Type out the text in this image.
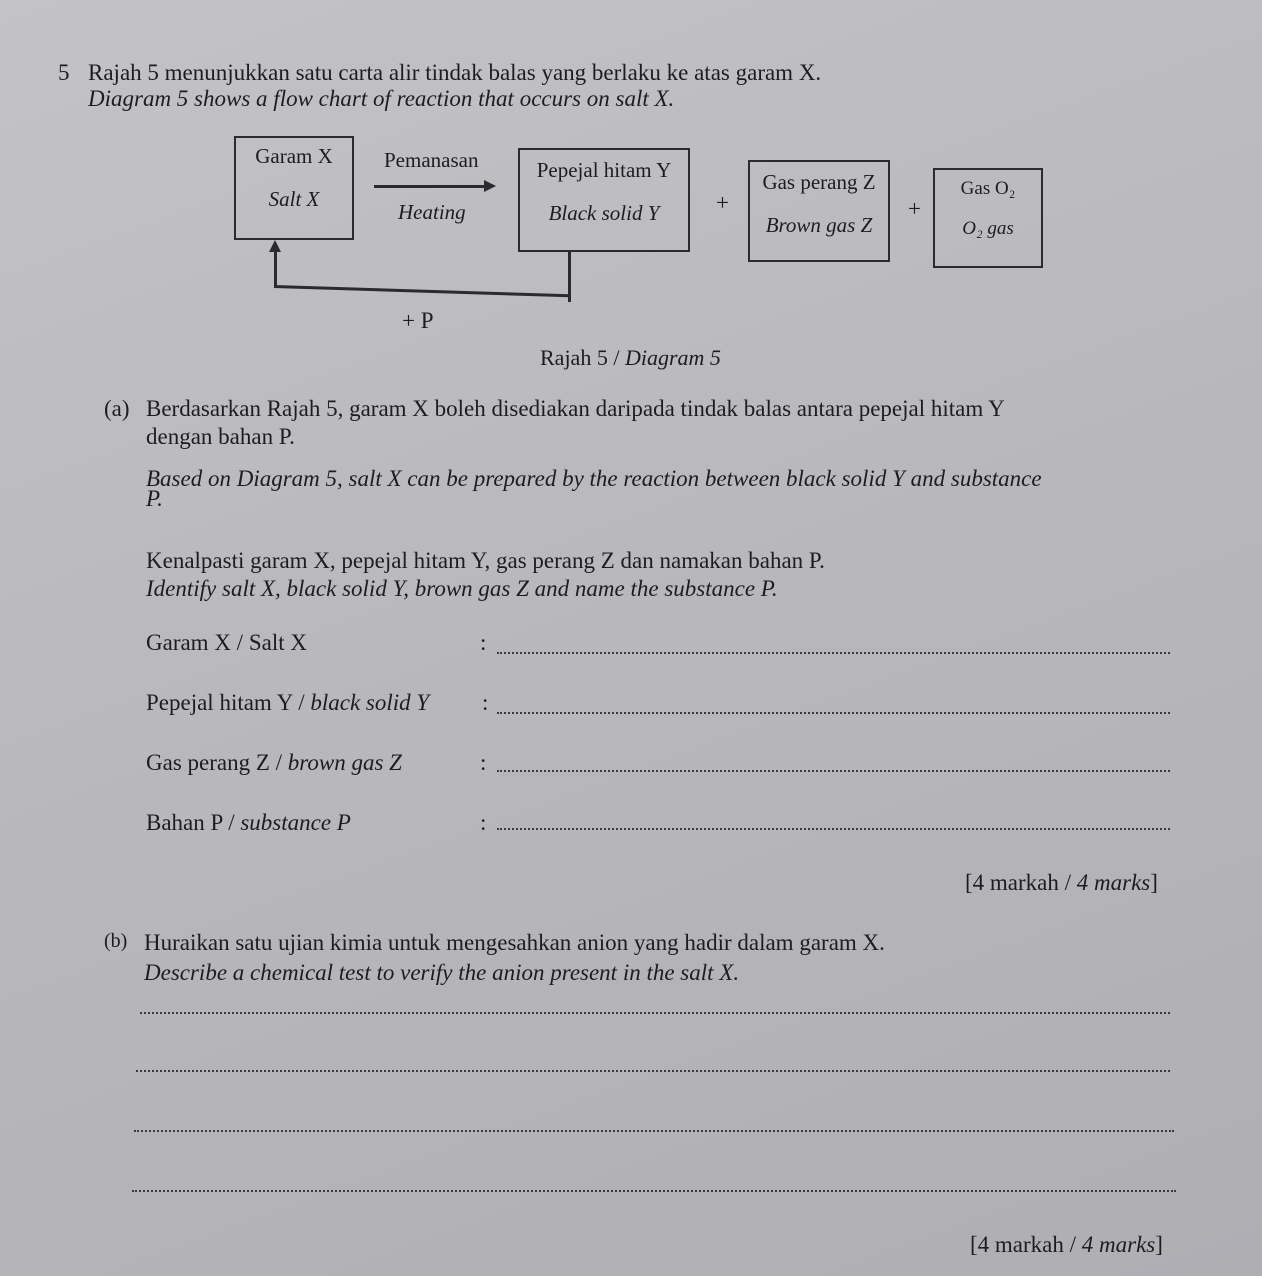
5 Rajah 5 menunjukkan satu carta alir tindak balas yang berlaku ke atas garam X.
Diagram 5 shows a flow chart of reaction that occurs on salt X.
Garam X
Salt X
Pemanasan
Heating
Pepejal hitam Y
Black solid Y	+
Gas perang Z
Brown gas Z
+
Gas O₂
O₂ gas
+ P
Rajah 5 / Diagram 5
(a) Berdasarkan Rajah 5, garam X boleh disediakan daripada tindak balas antara pepejal hitam Y
dengan bahan P.
Based on Diagram 5, salt X can be prepared by the reaction between black solid Y and substance
P.
Kenalpasti garam X, pepejal hitam Y, gas perang Z dan namakan bahan P.
Identify salt X, black solid Y, brown gas Z and name the substance P.
Garam X / Salt X	:
Pepejal hitam Y / black solid Y :
Gas perang Z / brown gas Z	:
Bahan P / substance P	:
[4 markah / 4 marks]
(b) Huraikan satu ujian kimia untuk mengesahkan anion yang hadir dalam garam X.
Describe a chemical test to verify the anion present in the salt X.
[4 markah / 4 marks]
